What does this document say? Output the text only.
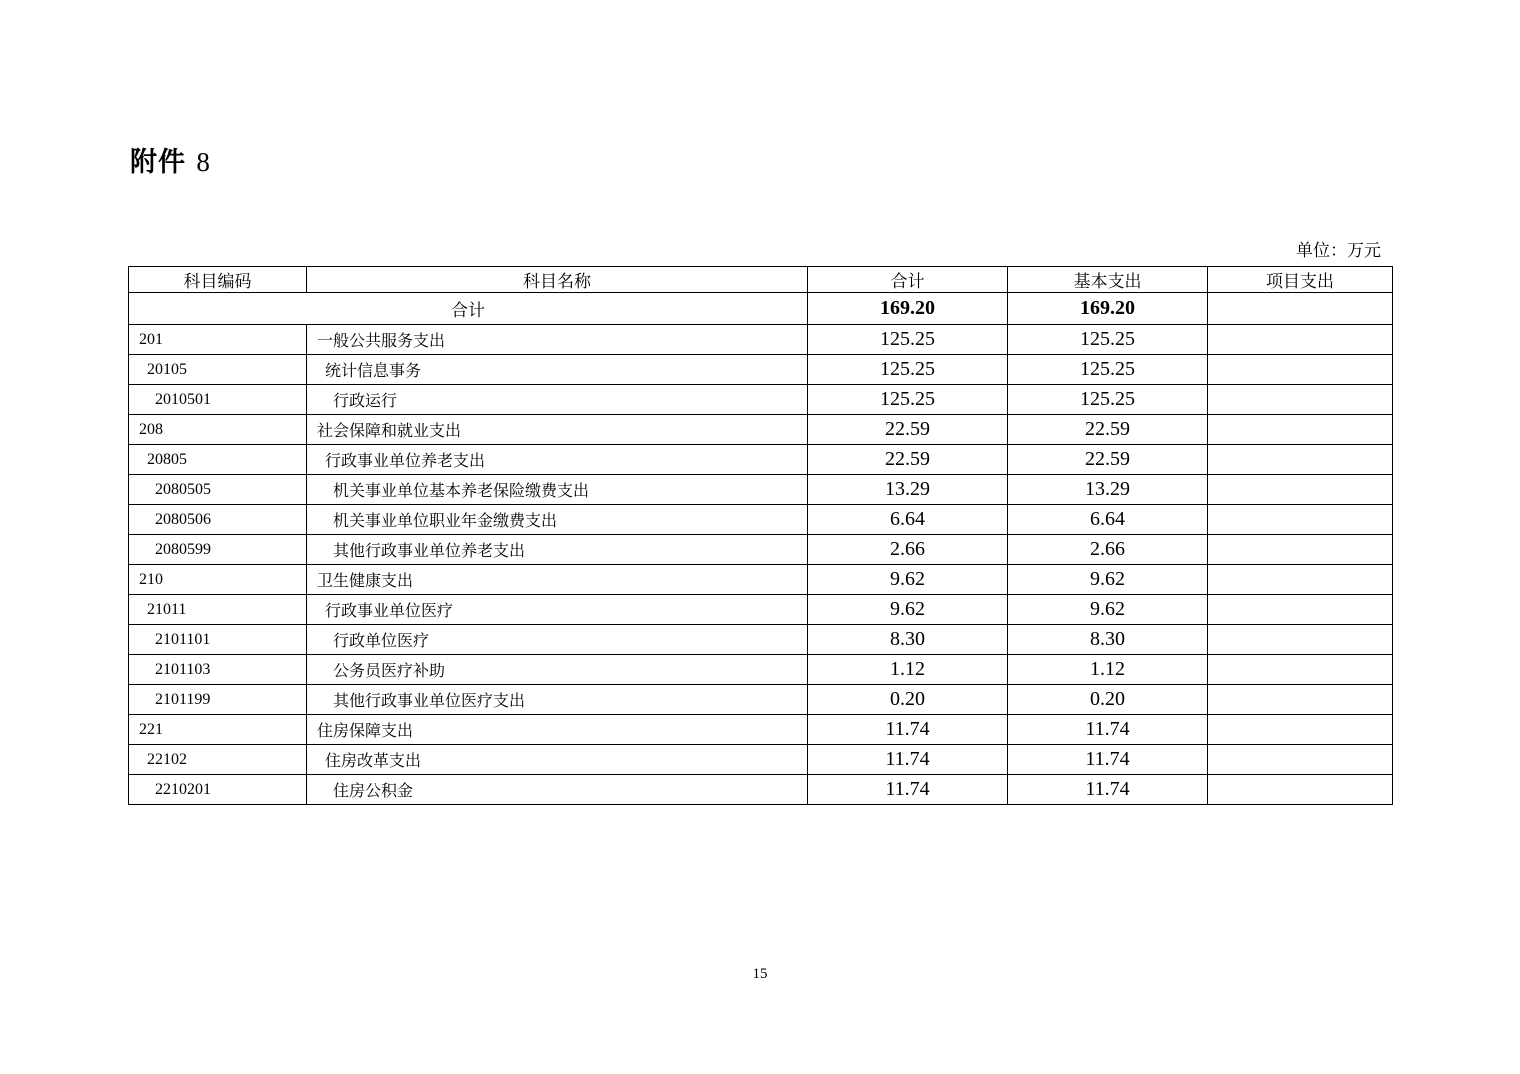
附件 8
单位：万元
科目编码	科目名称	合计	基本支出	项目支出
合计		169.20	169.20	
201	一般公共服务支出	125.25	125.25	
20105	统计信息事务	125.25	125.25	
2010501	行政运行	125.25	125.25	
208	社会保障和就业支出	22.59	22.59	
20805	行政事业单位养老支出	22.59	22.59	
2080505	机关事业单位基本养老保险缴费支出	13.29	13.29	
2080506	机关事业单位职业年金缴费支出	6.64	6.64	
2080599	其他行政事业单位养老支出	2.66	2.66	
210	卫生健康支出	9.62	9.62	
21011	行政事业单位医疗	9.62	9.62	
2101101	行政单位医疗	8.30	8.30	
2101103	公务员医疗补助	1.12	1.12	
2101199	其他行政事业单位医疗支出	0.20	0.20	
221	住房保障支出	11.74	11.74	
22102	住房改革支出	11.74	11.74	
2210201	住房公积金	11.74	11.74	
15
